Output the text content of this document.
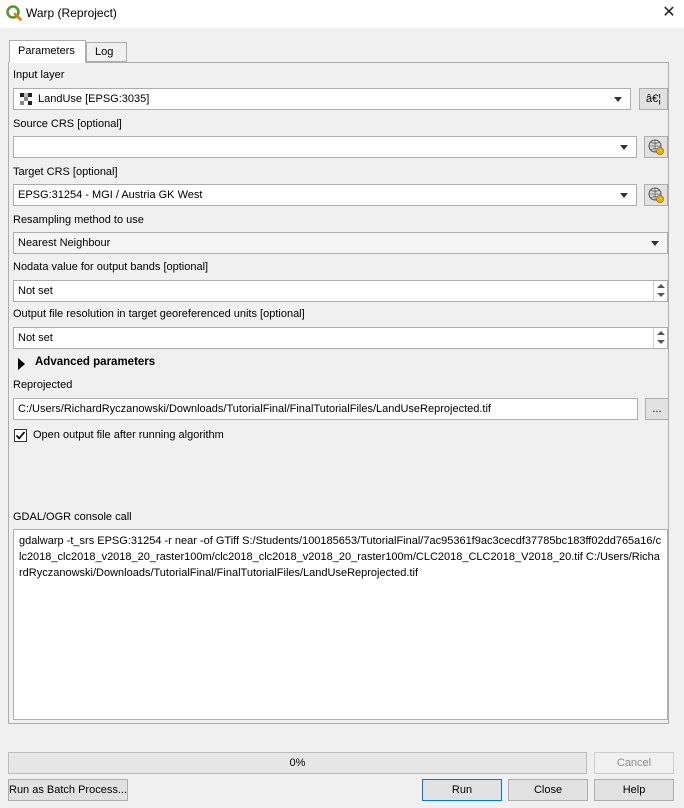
Warp (Reproject)	✕
Parameters	Log
Input layer
LandUse [EPSG:3035]	â€¦
Source CRS [optional]
Target CRS [optional]
EPSG:31254 - MGI / Austria GK West
Resampling method to use
Nearest Neighbour
Nodata value for output bands [optional]
Not set
Output file resolution in target georeferenced units [optional]
Not set
Advanced parameters
Reprojected
C:/Users/RichardRyczanowski/Downloads/TutorialFinal/FinalTutorialFiles/LandUseReprojected.tif	...
Open output file after running algorithm
GDAL/OGR console call
gdalwarp -t_srs EPSG:31254 -r near -of GTiff S:/Students/100185653/TutorialFinal/7ac95361f9ac3cecdf37785bc183ff02dd765a16/clc2018_clc2018_v2018_20_raster100m/clc2018_clc2018_v2018_20_raster100m/CLC2018_CLC2018_V2018_20.tif C:/Users/RichardRyczanowski/Downloads/TutorialFinal/FinalTutorialFiles/LandUseReprojected.tif
0%	Cancel
Run as Batch Process...	Run	Close	Help
